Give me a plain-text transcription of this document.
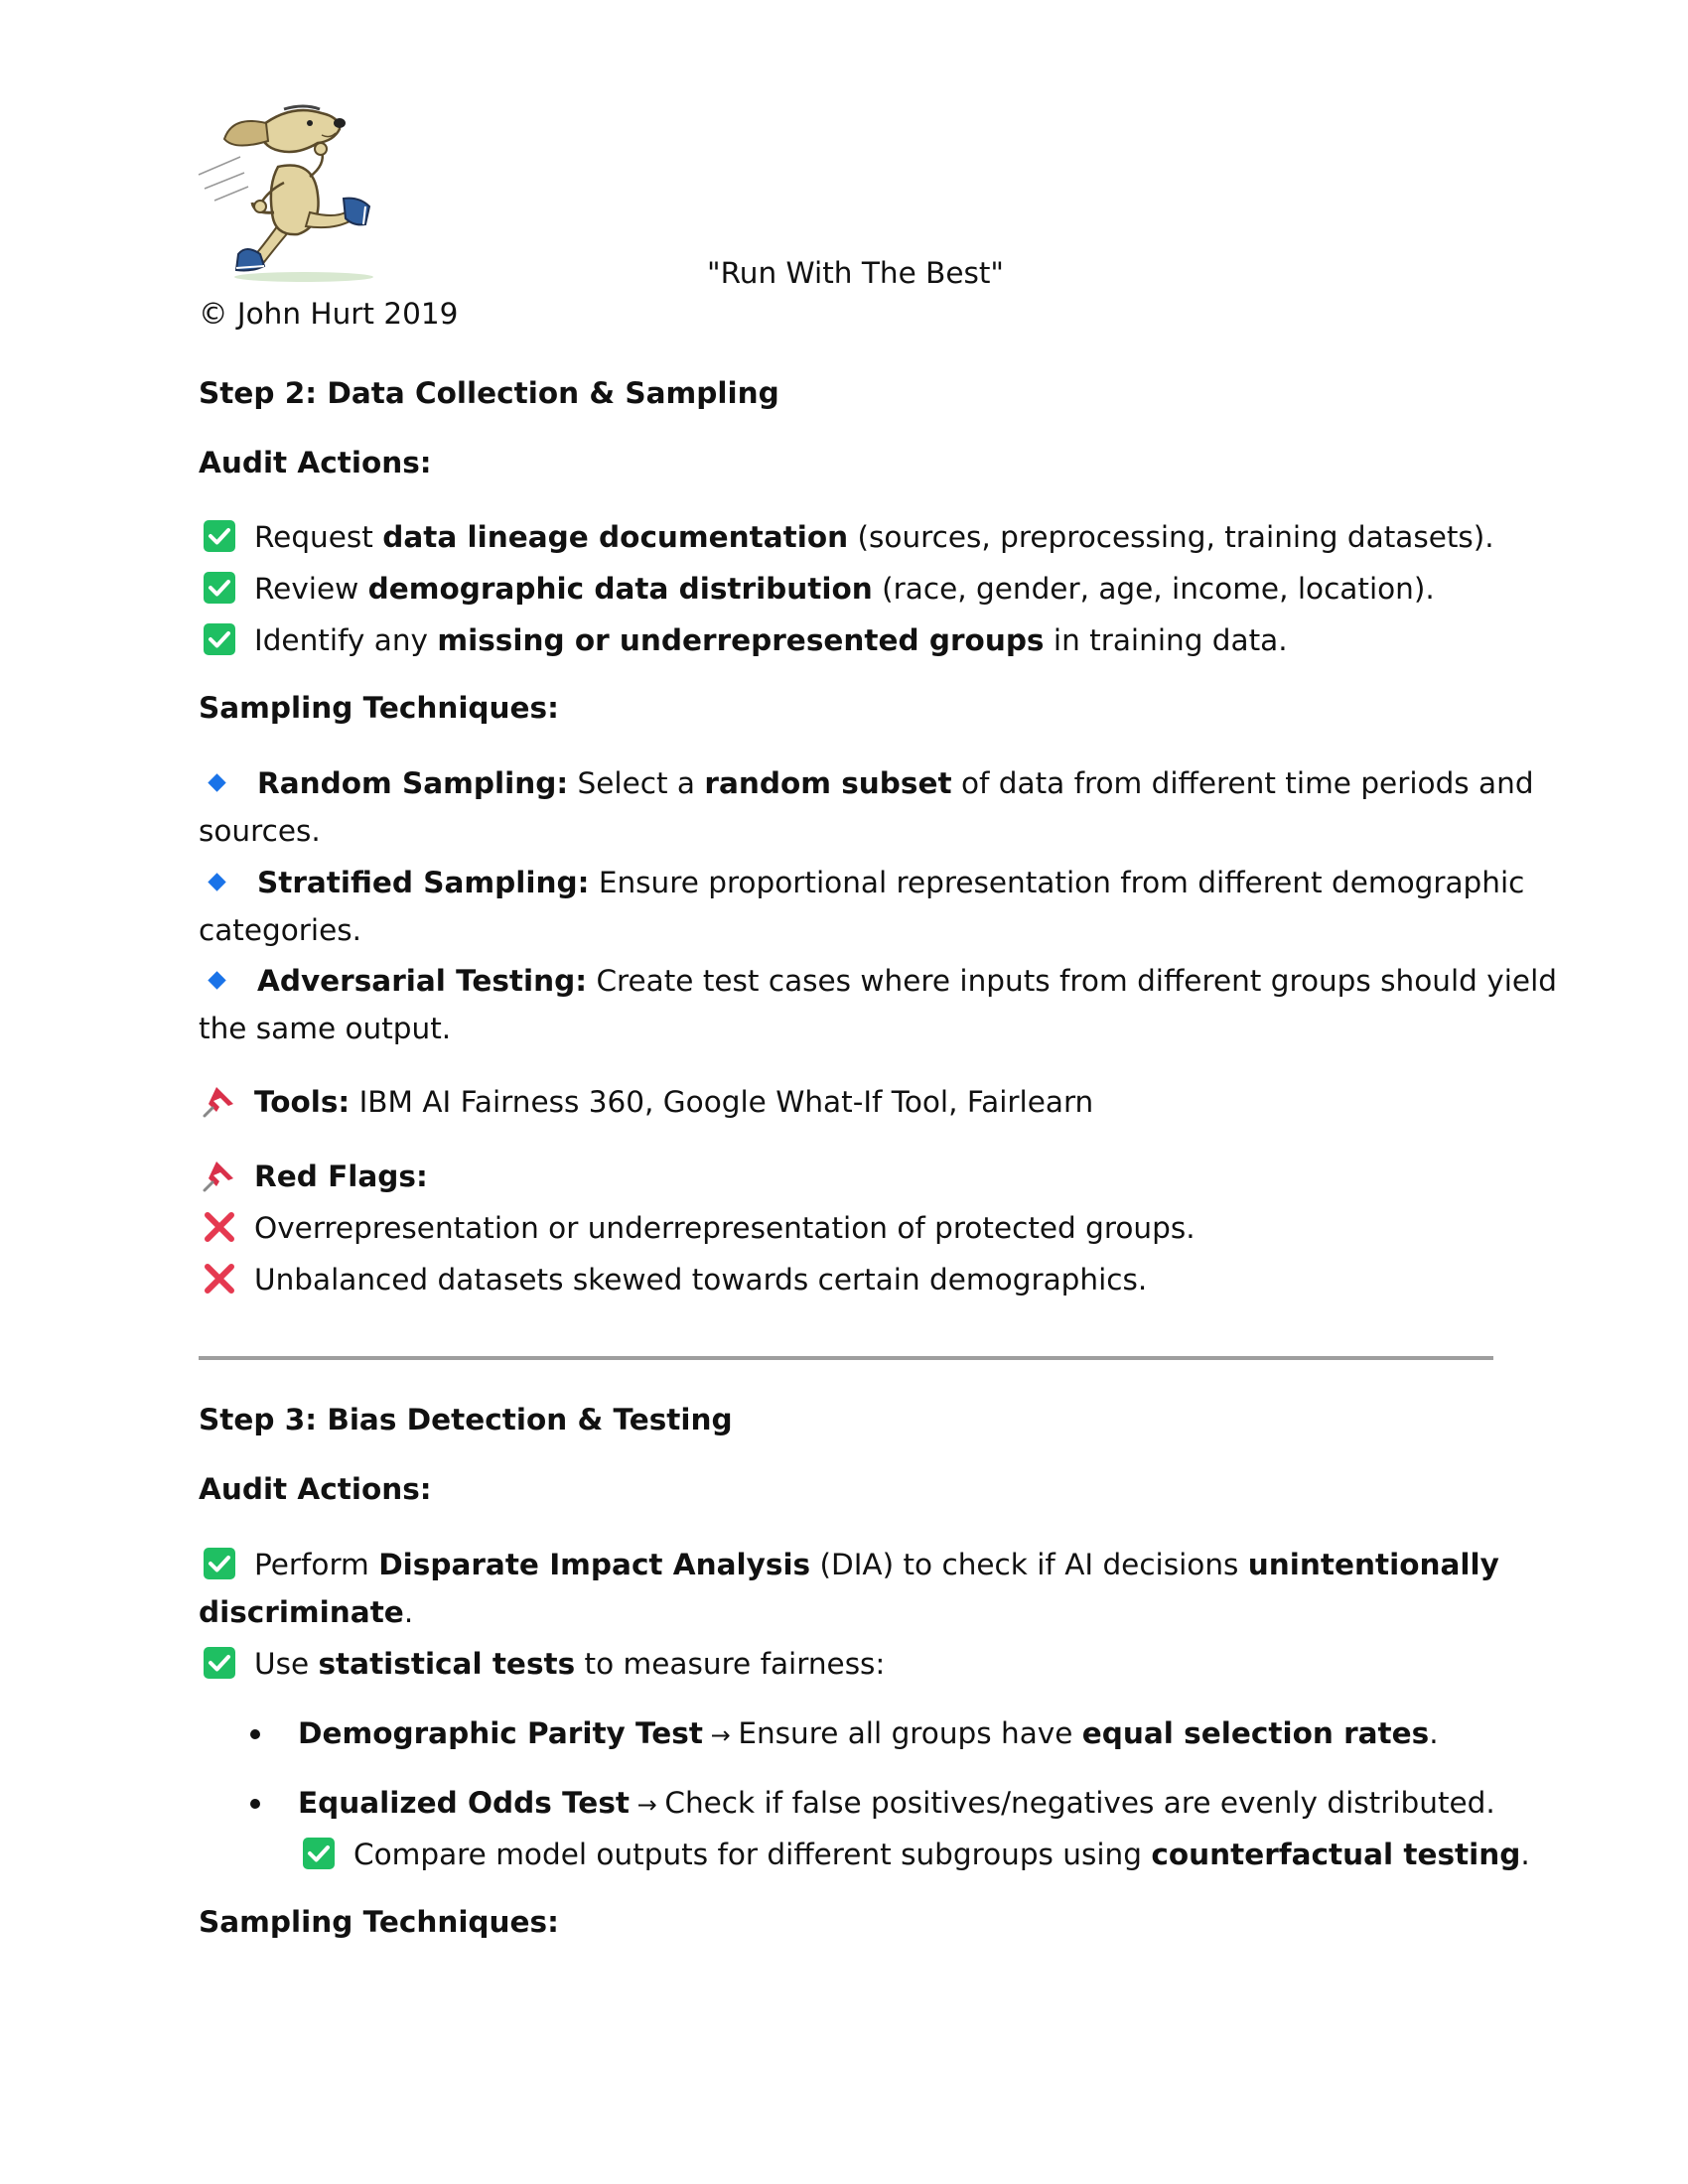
"Run With The Best"
© John Hurt 2019
Step 2: Data Collection & Sampling
Audit Actions:
Request data lineage documentation (sources, preprocessing, training datasets).
Review demographic data distribution (race, gender, age, income, location).
Identify any missing or underrepresented groups in training data.
Sampling Techniques:
Random Sampling: Select a random subset of data from different time periods and
sources.
Stratified Sampling: Ensure proportional representation from different demographic
categories.
Adversarial Testing: Create test cases where inputs from different groups should yield
the same output.
Tools: IBM AI Fairness 360, Google What-If Tool, Fairlearn
Red Flags:
Overrepresentation or underrepresentation of protected groups.
Unbalanced datasets skewed towards certain demographics.
Step 3: Bias Detection & Testing
Audit Actions:
Perform Disparate Impact Analysis (DIA) to check if AI decisions unintentionally
discriminate.
Use statistical tests to measure fairness:
Demographic Parity Test → Ensure all groups have equal selection rates.
Equalized Odds Test → Check if false positives/negatives are evenly distributed.
Compare model outputs for different subgroups using counterfactual testing.
Sampling Techniques:
